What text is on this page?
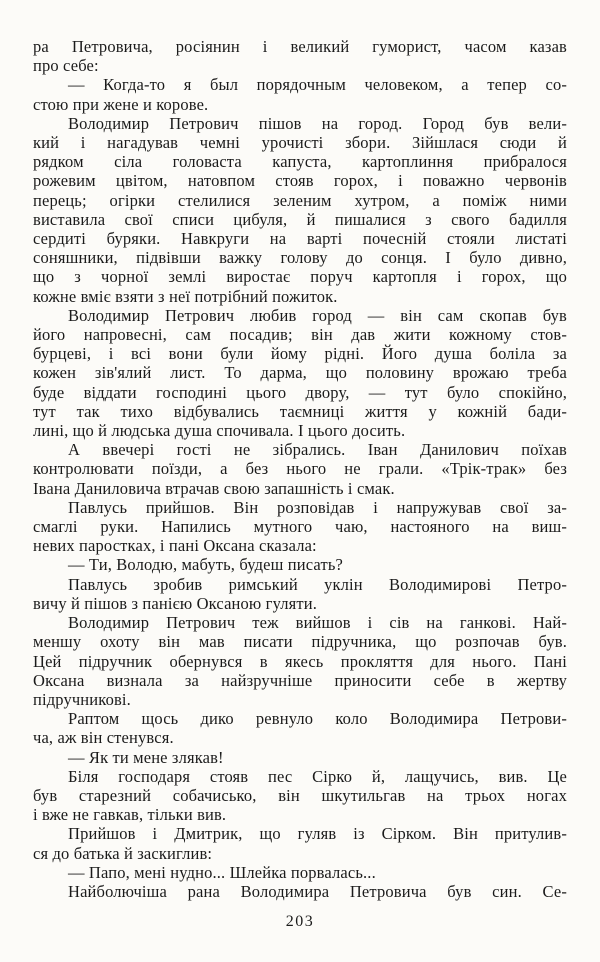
ра Петровича, росіянин і великий гуморист, часом казав
про себе:
— Когда-то я был порядочным человеком, а тепер со-
стою при жене и корове.
Володимир Петрович пішов на город. Город був вели-
кий і нагадував чемні урочисті збори. Зійшлася сюди й
рядком сіла головаста капуста, картоплиння прибралося
рожевим цвітом, натовпом стояв горох, і поважно червонів
перець; огірки стелилися зеленим хутром, а поміж ними
виставила свої списи цибуля, й пишалися з свого бадилля
сердиті буряки. Навкруги на варті почесній стояли листаті
соняшники, підвівши важку голову до сонця. І було дивно,
що з чорної землі виростає поруч картопля і горох, що
кожне вміє взяти з неї потрібний пожиток.
Володимир Петрович любив город — він сам скопав був
його напровесні, сам посадив; він дав жити кожному стов-
бурцеві, і всі вони були йому рідні. Його душа боліла за
кожен зів'ялий лист. То дарма, що половину врожаю треба
буде віддати господині цього двору, — тут було спокійно,
тут так тихо відбувались таємниці життя у кожній бади-
лині, що й людська душа спочивала. І цього досить.
А ввечері гості не зібрались. Іван Данилович поїхав
контролювати поїзди, а без нього не грали. «Трік-трак» без
Івана Даниловича втрачав свою запашність і смак.
Павлусь прийшов. Він розповідав і напружував свої за-
смаглі руки. Напились мутного чаю, настояного на виш-
невих паростках, і пані Оксана сказала:
— Ти, Володю, мабуть, будеш писать?
Павлусь зробив римський уклін Володимирові Петро-
вичу й пішов з панією Оксаною гуляти.
Володимир Петрович теж вийшов і сів на ганкові. Най-
меншу охоту він мав писати підручника, що розпочав був.
Цей підручник обернувся в якесь прокляття для нього. Пані
Оксана визнала за найзручніше приносити себе в жертву
підручникові.
Раптом щось дико ревнуло коло Володимира Петрови-
ча, аж він стенувся.
— Як ти мене злякав!
Біля господаря стояв пес Сірко й, лащучись, вив. Це
був старезний собачисько, він шкутильгав на трьох ногах
і вже не гавкав, тільки вив.
Прийшов і Дмитрик, що гуляв із Сірком. Він притулив-
ся до батька й заскиглив:
— Папо, мені нудно... Шлейка порвалась...
Найболючіша рана Володимира Петровича був син. Се-
203
